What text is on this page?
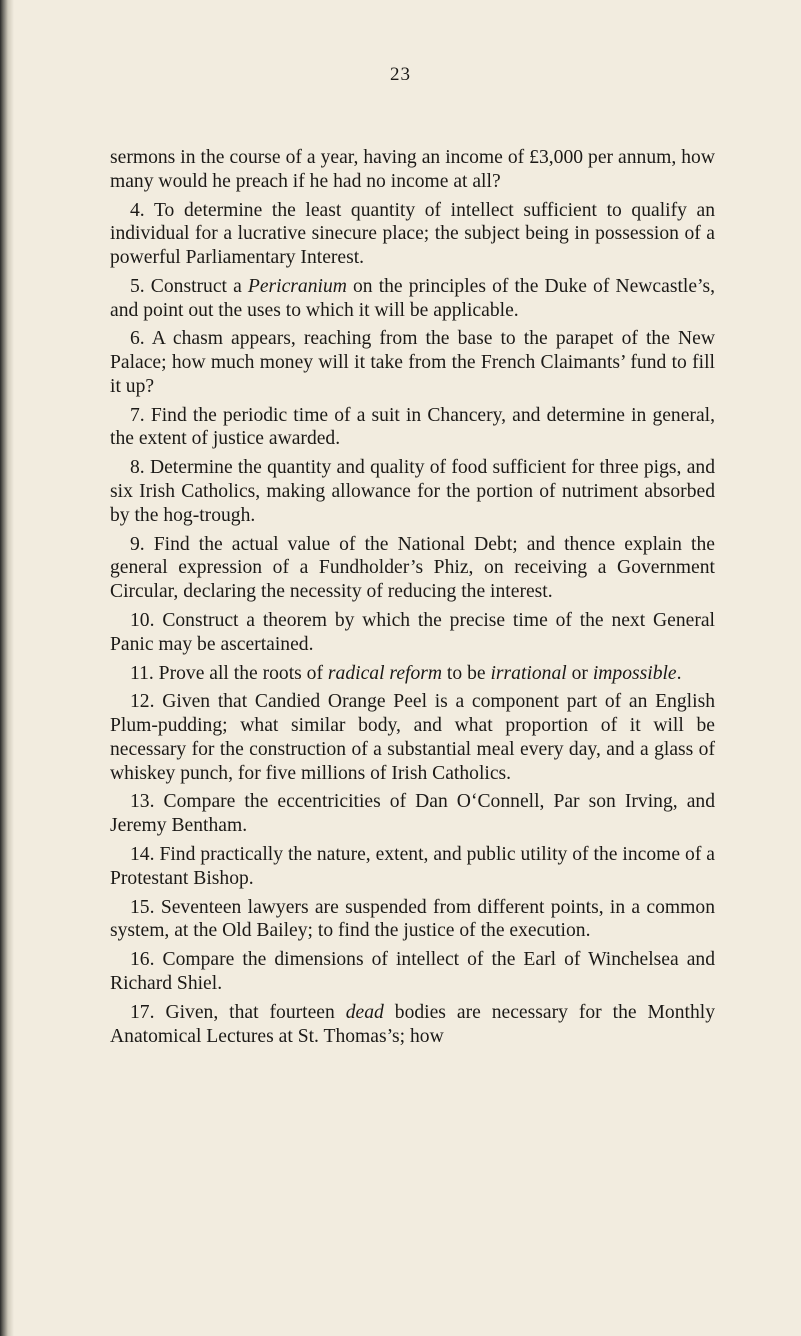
23

sermons in the course of a year, having an income of £3,000 per annum, how many would he preach if he had no income at all?

4. To determine the least quantity of intellect sufficient to qualify an individual for a lucrative sinecure place; the subject being in possession of a powerful Parliamentary Interest.

5. Construct a Pericranium on the principles of the Duke of Newcastle’s, and point out the uses to which it will be applicable.

6. A chasm appears, reaching from the base to the parapet of the New Palace; how much money will it take from the French Claimants’ fund to fill it up?

7. Find the periodic time of a suit in Chancery, and determine in general, the extent of justice awarded.

8. Determine the quantity and quality of food sufficient for three pigs, and six Irish Catholics, making allowance for the portion of nutriment absorbed by the hog-trough.

9. Find the actual value of the National Debt; and thence explain the general expression of a Fundholder’s Phiz, on receiving a Government Circular, declaring the necessity of reducing the interest.

10. Construct a theorem by which the precise time of the next General Panic may be ascertained.

11. Prove all the roots of radical reform to be irrational or impossible.

12. Given that Candied Orange Peel is a component part of an English Plum-pudding; what similar body, and what proportion of it will be necessary for the construction of a substantial meal every day, and a glass of whiskey punch, for five millions of Irish Catholics.

13. Compare the eccentricities of Dan O‘Connell, Par son Irving, and Jeremy Bentham.

14. Find practically the nature, extent, and public utility of the income of a Protestant Bishop.

15. Seventeen lawyers are suspended from different points, in a common system, at the Old Bailey; to find the justice of the execution.

16. Compare the dimensions of intellect of the Earl of Winchelsea and Richard Shiel.

17. Given, that fourteen dead bodies are necessary for the Monthly Anatomical Lectures at St. Thomas’s; how
